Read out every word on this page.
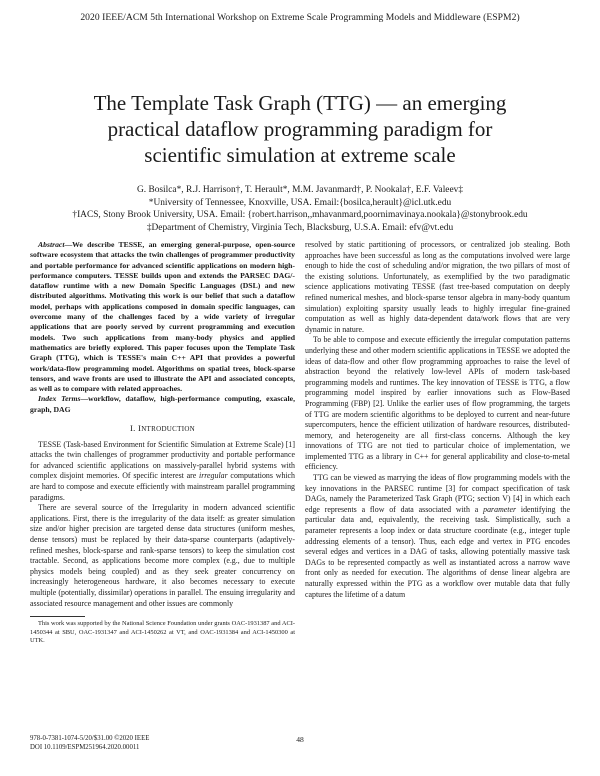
2020 IEEE/ACM 5th International Workshop on Extreme Scale Programming Models and Middleware (ESPM2)
The Template Task Graph (TTG) — an emerging
practical dataflow programming paradigm for
scientific simulation at extreme scale
G. Bosilca*, R.J. Harrison†, T. Herault*, M.M. Javanmard†, P. Nookala†, E.F. Valeev‡
*University of Tennessee, Knoxville, USA. Email:{bosilca,herault}@icl.utk.edu
†IACS, Stony Brook University, USA. Email: {robert.harrison,,mhavanmard,poornimavinaya.nookala}@stonybrook.edu
‡Department of Chemistry, Virginia Tech, Blacksburg, U.S.A. Email: efv@vt.edu

Abstract—We describe TESSE, an emerging general-purpose, open-source software ecosystem that attacks the twin challenges of programmer productivity and portable performance for advanced scientific applications on modern high-performance computers. TESSE builds upon and extends the PARSEC DAG/-dataflow runtime with a new Domain Specific Languages (DSL) and new distributed algorithms. Motivating this work is our belief that such a dataflow model, perhaps with applications composed in domain specific languages, can overcome many of the challenges faced by a wide variety of irregular applications that are poorly served by current programming and execution models. Two such applications from many-body physics and applied mathematics are briefly explored. This paper focuses upon the Template Task Graph (TTG), which is TESSE's main C++ API that provides a powerful work/data-flow programming model. Algorithms on spatial trees, block-sparse tensors, and wave fronts are used to illustrate the API and associated concepts, as well as to compare with related approaches.

Index Terms—workflow, dataflow, high-performance computing, exascale, graph, DAG

I. INTRODUCTION

TESSE (Task-based Environment for Scientific Simulation at Extreme Scale) [1] attacks the twin challenges of programmer productivity and portable performance for advanced scientific applications on massively-parallel hybrid systems with complex disjoint memories. Of specific interest are irregular computations which are hard to compose and execute efficiently with mainstream parallel programming paradigms.

There are several source of the Irregularity in modern advanced scientific applications. First, there is the irregularity of the data itself: as greater simulation size and/or higher precision are targeted dense data structures (uniform meshes, dense tensors) must be replaced by their data-sparse counterparts (adaptively-refined meshes, block-sparse and rank-sparse tensors) to keep the simulation cost tractable. Second, as applications become more complex (e.g., due to multiple physics models being coupled) and as they seek greater concurrency on increasingly heterogeneous hardware, it also becomes necessary to execute multiple (potentially, dissimilar) operations in parallel. The ensuing irregularity and associated resource management and other issues are commonly

This work was supported by the National Science Foundation under grants OAC-1931387 and ACI-1450344 at SBU, OAC-1931347 and ACI-1450262 at VT, and OAC-1931384 and ACI-1450300 at UTK.

resolved by static partitioning of processors, or centralized job stealing. Both approaches have been successful as long as the computations involved were large enough to hide the cost of scheduling and/or migration, the two pillars of most of the existing solutions. Unfortunately, as exemplified by the two paradigmatic science applications motivating TESSE (fast tree-based computation on deeply refined numerical meshes, and block-sparse tensor algebra in many-body quantum simulation) exploiting sparsity usually leads to highly irregular fine-grained computation as well as highly data-dependent data/work flows that are very dynamic in nature.

To be able to compose and execute efficiently the irregular computation patterns underlying these and other modern scientific applications in TESSE we adopted the ideas of data-flow and other flow programming approaches to raise the level of abstraction beyond the relatively low-level APIs of modern task-based programming models and runtimes. The key innovation of TESSE is TTG, a flow programming model inspired by earlier innovations such as Flow-Based Programming (FBP) [2]. Unlike the earlier uses of flow programming, the targets of TTG are modern scientific algorithms to be deployed to current and near-future supercomputers, hence the efficient utilization of hardware resources, distributed-memory, and heterogeneity are all first-class concerns. Although the key innovations of TTG are not tied to particular choice of implementation, we implemented TTG as a library in C++ for general applicability and close-to-metal efficiency.

TTG can be viewed as marrying the ideas of flow programming models with the key innovations in the PARSEC runtime [3] for compact specification of task DAGs, namely the Parameterized Task Graph (PTG; section V) [4] in which each edge represents a flow of data associated with a parameter identifying the particular data and, equivalently, the receiving task. Simplistically, such a parameter represents a loop index or data structure coordinate (e.g., integer tuple addressing elements of a tensor). Thus, each edge and vertex in PTG encodes several edges and vertices in a DAG of tasks, allowing potentially massive task DAGs to be represented compactly as well as instantiated across a narrow wave front only as needed for execution. The algorithms of dense linear algebra are naturally expressed within the PTG as a workflow over mutable data that fully captures the lifetime of a datum

978-0-7381-1074-5/20/$31.00 ©2020 IEEE
DOI 10.1109/ESPM251964.2020.00011
48
